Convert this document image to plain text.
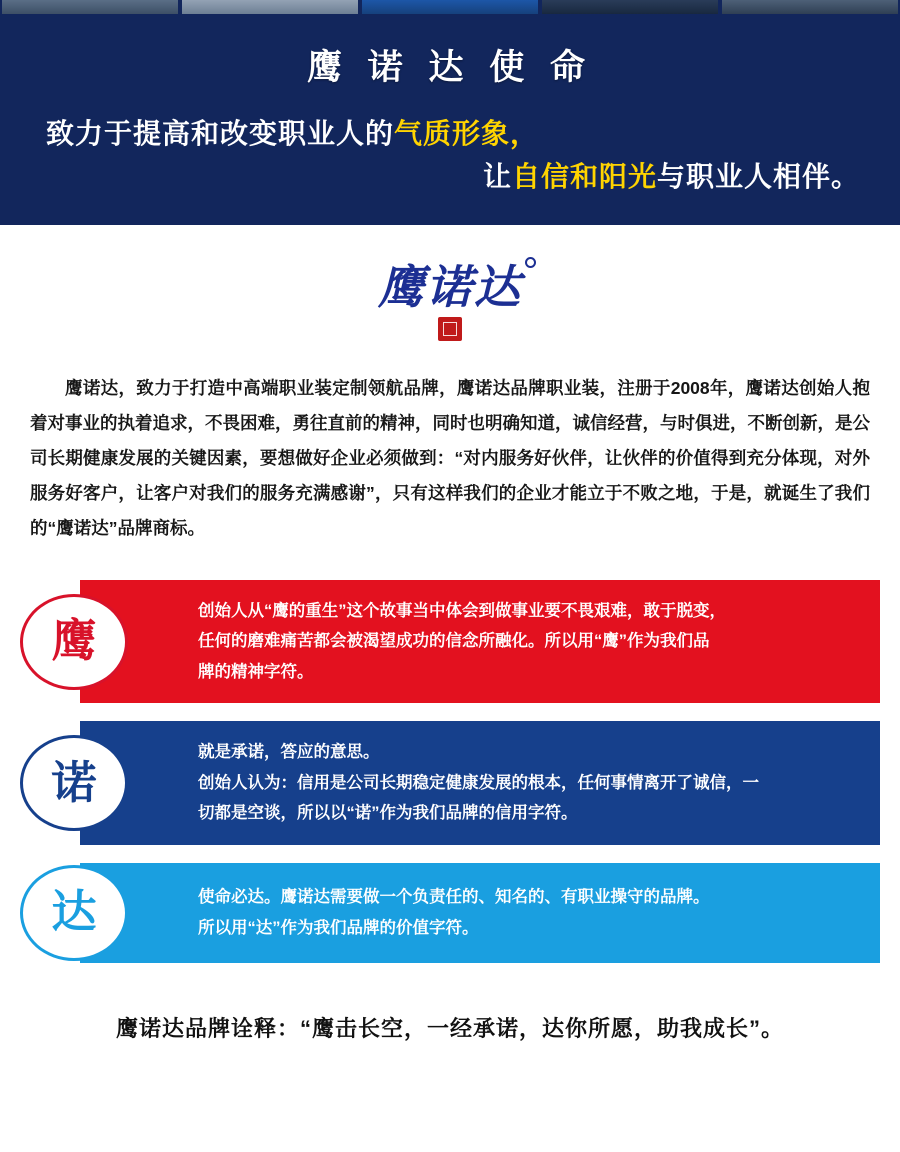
鹰 诺 达 使 命
致力于提高和改变职业人的气质形象，
让自信和阳光与职业人相伴。
鹰诺达
鹰诺达，致力于打造中高端职业装定制领航品牌，鹰诺达品牌职业装，注册于2008年，鹰诺达创始人抱着对事业的执着追求，不畏困难，勇往直前的精神，同时也明确知道，诚信经营，与时俱进，不断创新，是公司长期健康发展的关键因素，要想做好企业必须做到：“对内服务好伙伴，让伙伴的价值得到充分体现，对外服务好客户，让客户对我们的服务充满感谢”，只有这样我们的企业才能立于不败之地，于是，就诞生了我们的“鹰诺达”品牌商标。
鹰

创始人从“鹰的重生”这个故事当中体会到做事业要不畏艰难，敢于脱变，

任何的磨难痛苦都会被渴望成功的信念所融化。所以用“鹰”作为我们品

牌的精神字符。

诺

就是承诺，答应的意思。

创始人认为：信用是公司长期稳定健康发展的根本，任何事情离开了诚信，一

切都是空谈，所以以“诺”作为我们品牌的信用字符。

达	使命必达。鹰诺达需要做一个负责任的、知名的、有职业操守的品牌。

所以用“达”作为我们品牌的价值字符。

鹰诺达品牌诠释：“鹰击长空，一经承诺，达你所愿，助我成长”。
